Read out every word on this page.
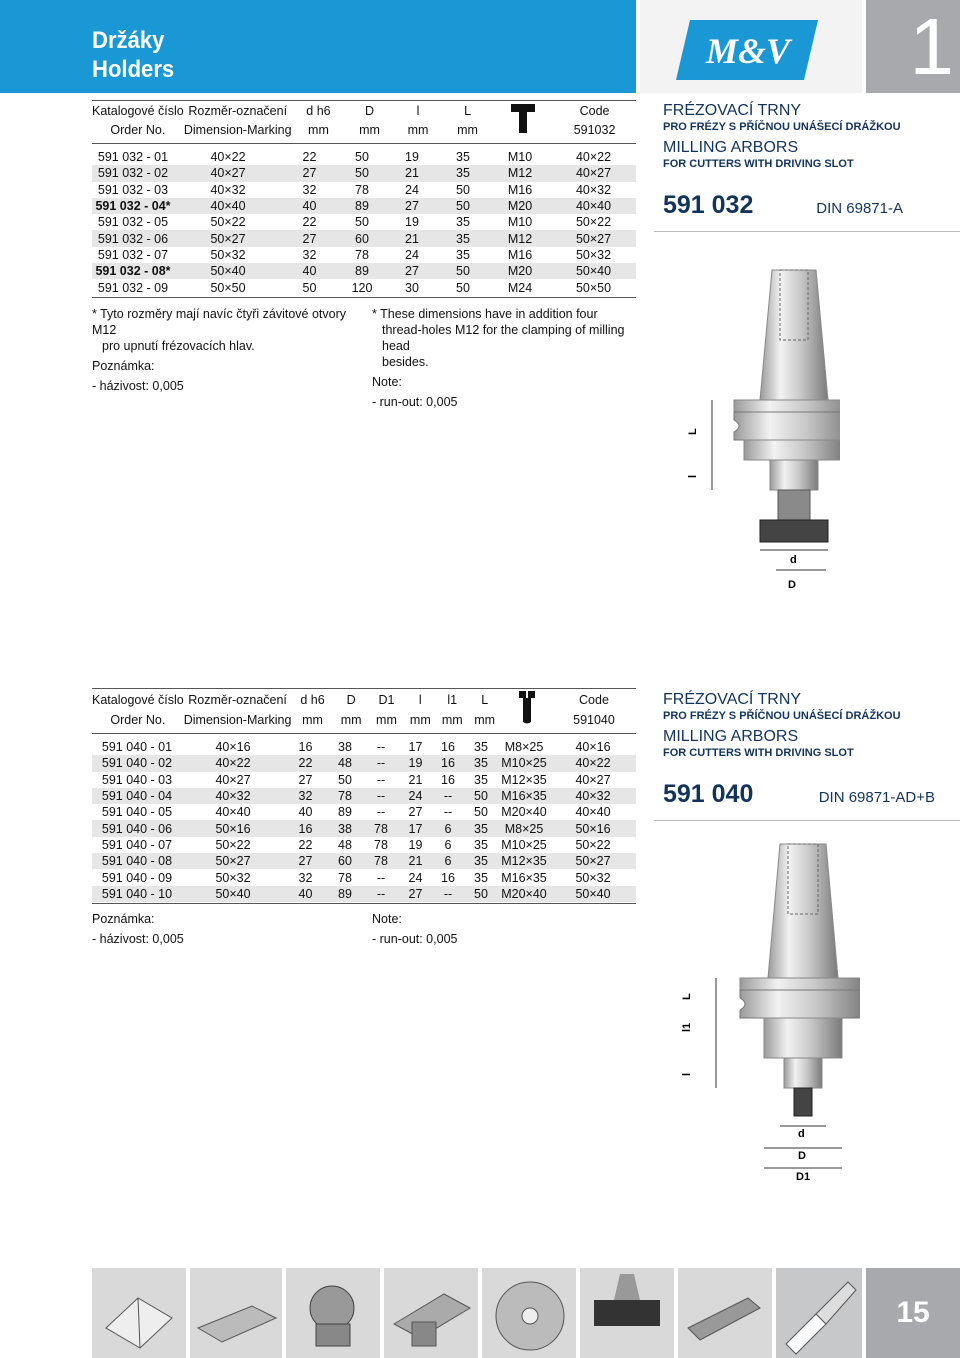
Držáky
Holders	M&V	1
Katalogové číslo	Rozměr-označení	d h6	D	l	L		Code
Order No.	Dimension-Marking	mm	mm	mm	mm		591032
591 032 - 01	40×22	22	50	19	35	M10	40×22
591 032 - 02	40×27	27	50	21	35	M12	40×27
591 032 - 03	40×32	32	78	24	50	M16	40×32
591 032 - 04*	40×40	40	89	27	50	M20	40×40
591 032 - 05	50×22	22	50	19	35	M10	50×22
591 032 - 06	50×27	27	60	21	35	M12	50×27
591 032 - 07	50×32	32	78	24	35	M16	50×32
591 032 - 08*	50×40	40	89	27	50	M20	50×40
591 032 - 09	50×50	50	120	30	50	M24	50×50
FRÉZOVACÍ TRNY
PRO FRÉZY S PŘÍČNOU UNÁŠECÍ DRÁŽKOU
MILLING ARBORS
FOR CUTTERS WITH DRIVING SLOT
591 032	DIN 69871-A
* Tyto rozměry mají navíc čtyři závitové otvory M12
pro upnutí frézovacích hlav.
Poznámka:
- házivost: 0,005
* These dimensions have in addition four
thread-holes M12 for the clamping of milling head
besides.
Note:
- run-out: 0,005
L
l
d
D
Katalogové číslo	Rozměr-označení	d h6	D	D1	l	l1	L		Code
Order No.	Dimension-Marking	mm	mm	mm	mm	mm	mm		591040
591 040 - 01	40×16	16	38	--	17	16	35	M8×25	40×16
591 040 - 02	40×22	22	48	--	19	16	35	M10×25	40×22
591 040 - 03	40×27	27	50	--	21	16	35	M12×35	40×27
591 040 - 04	40×32	32	78	--	24	--	50	M16×35	40×32
591 040 - 05	40×40	40	89	--	27	--	50	M20×40	40×40
591 040 - 06	50×16	16	38	78	17	6	35	M8×25	50×16
591 040 - 07	50×22	22	48	78	19	6	35	M10×25	50×22
591 040 - 08	50×27	27	60	78	21	6	35	M12×35	50×27
591 040 - 09	50×32	32	78	--	24	16	35	M16×35	50×32
591 040 - 10	50×40	40	89	--	27	--	50	M20×40	50×40
FRÉZOVACÍ TRNY
PRO FRÉZY S PŘÍČNOU UNÁŠECÍ DRÁŽKOU
MILLING ARBORS
FOR CUTTERS WITH DRIVING SLOT
591 040	DIN 69871-AD+B
Poznámka:
- házivost: 0,005
Note:
- run-out: 0,005
L
l1
l
d
D
D1
15
